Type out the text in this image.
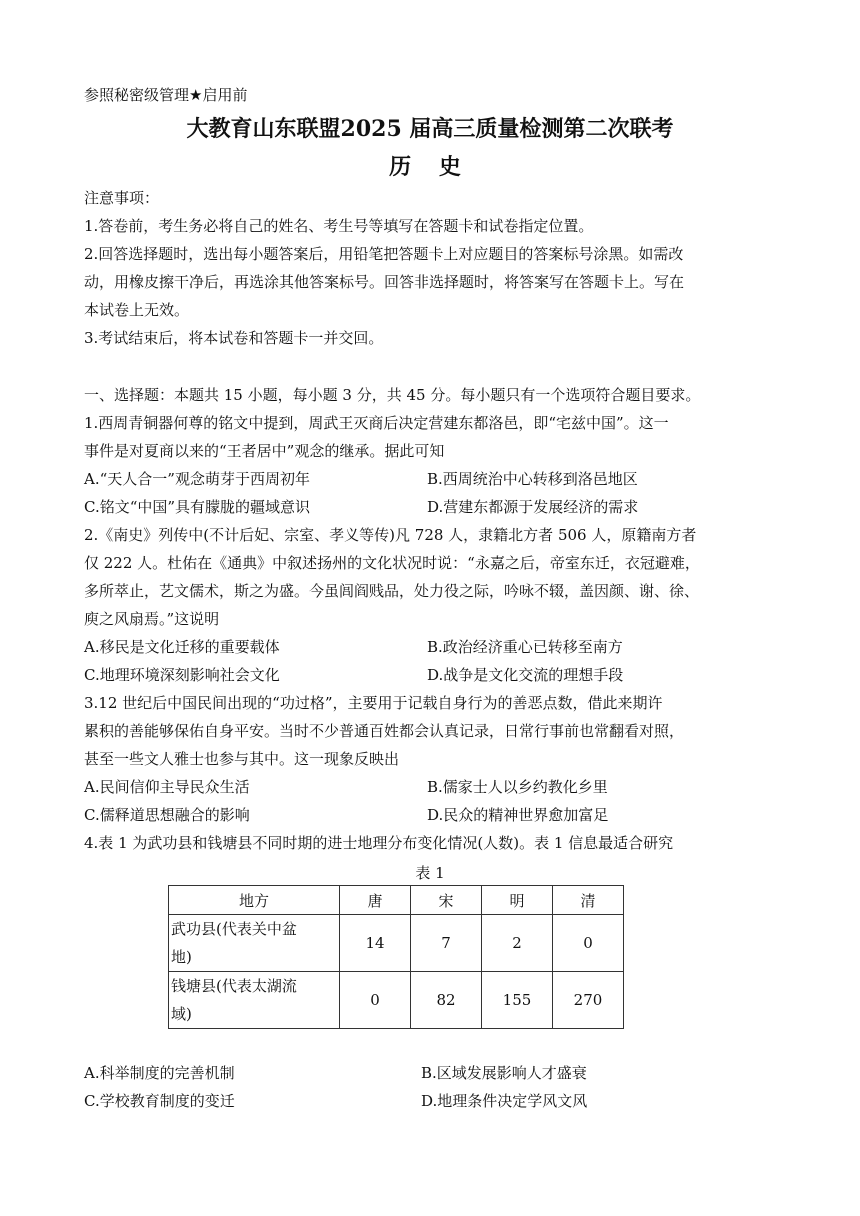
参照秘密级管理★启用前
大教育山东联盟2025 届高三质量检测第二次联考
历 史
注意事项：
1.答卷前，考生务必将自己的姓名、考生号等填写在答题卡和试卷指定位置。
2.回答选择题时，选出每小题答案后，用铅笔把答题卡上对应题目的答案标号涂黑。如需改
动，用橡皮擦干净后，再选涂其他答案标号。回答非选择题时，将答案写在答题卡上。写在
本试卷上无效。
3.考试结束后，将本试卷和答题卡一并交回。
一、选择题：本题共 15 小题，每小题 3 分，共 45 分。每小题只有一个选项符合题目要求。
1.西周青铜器何尊的铭文中提到，周武王灭商后决定营建东都洛邑，即“宅兹中国”。这一
事件是对夏商以来的“王者居中”观念的继承。据此可知
A.“天人合一”观念萌芽于西周初年	B.西周统治中心转移到洛邑地区
C.铭文“中国”具有朦胧的疆域意识	D.营建东都源于发展经济的需求
2.《南史》列传中(不计后妃、宗室、孝义等传)凡 728 人，隶籍北方者 506 人，原籍南方者
仅 222 人。杜佑在《通典》中叙述扬州的文化状况时说：“永嘉之后，帝室东迁，衣冠避难，
多所萃止，艺文儒术，斯之为盛。今虽闾阎贱品，处力役之际，吟咏不辍，盖因颜、谢、徐、
庾之风扇焉。”这说明
A.移民是文化迁移的重要载体	B.政治经济重心已转移至南方
C.地理环境深刻影响社会文化	D.战争是文化交流的理想手段
3.12 世纪后中国民间出现的“功过格”，主要用于记载自身行为的善恶点数，借此来期许
累积的善能够保佑自身平安。当时不少普通百姓都会认真记录，日常行事前也常翻看对照，
甚至一些文人雅士也参与其中。这一现象反映出
A.民间信仰主导民众生活	B.儒家士人以乡约教化乡里
C.儒释道思想融合的影响	D.民众的精神世界愈加富足
4.表 1 为武功县和钱塘县不同时期的进士地理分布变化情况(人数)。表 1 信息最适合研究
表 1
地方	唐	宋	明	清

武功县(代表关中盆
地)	14	7	2	0

钱塘县(代表太湖流
域)	0	82	155	270
A.科举制度的完善机制	B.区域发展影响人才盛衰
C.学校教育制度的变迁	D.地理条件决定学风文风
